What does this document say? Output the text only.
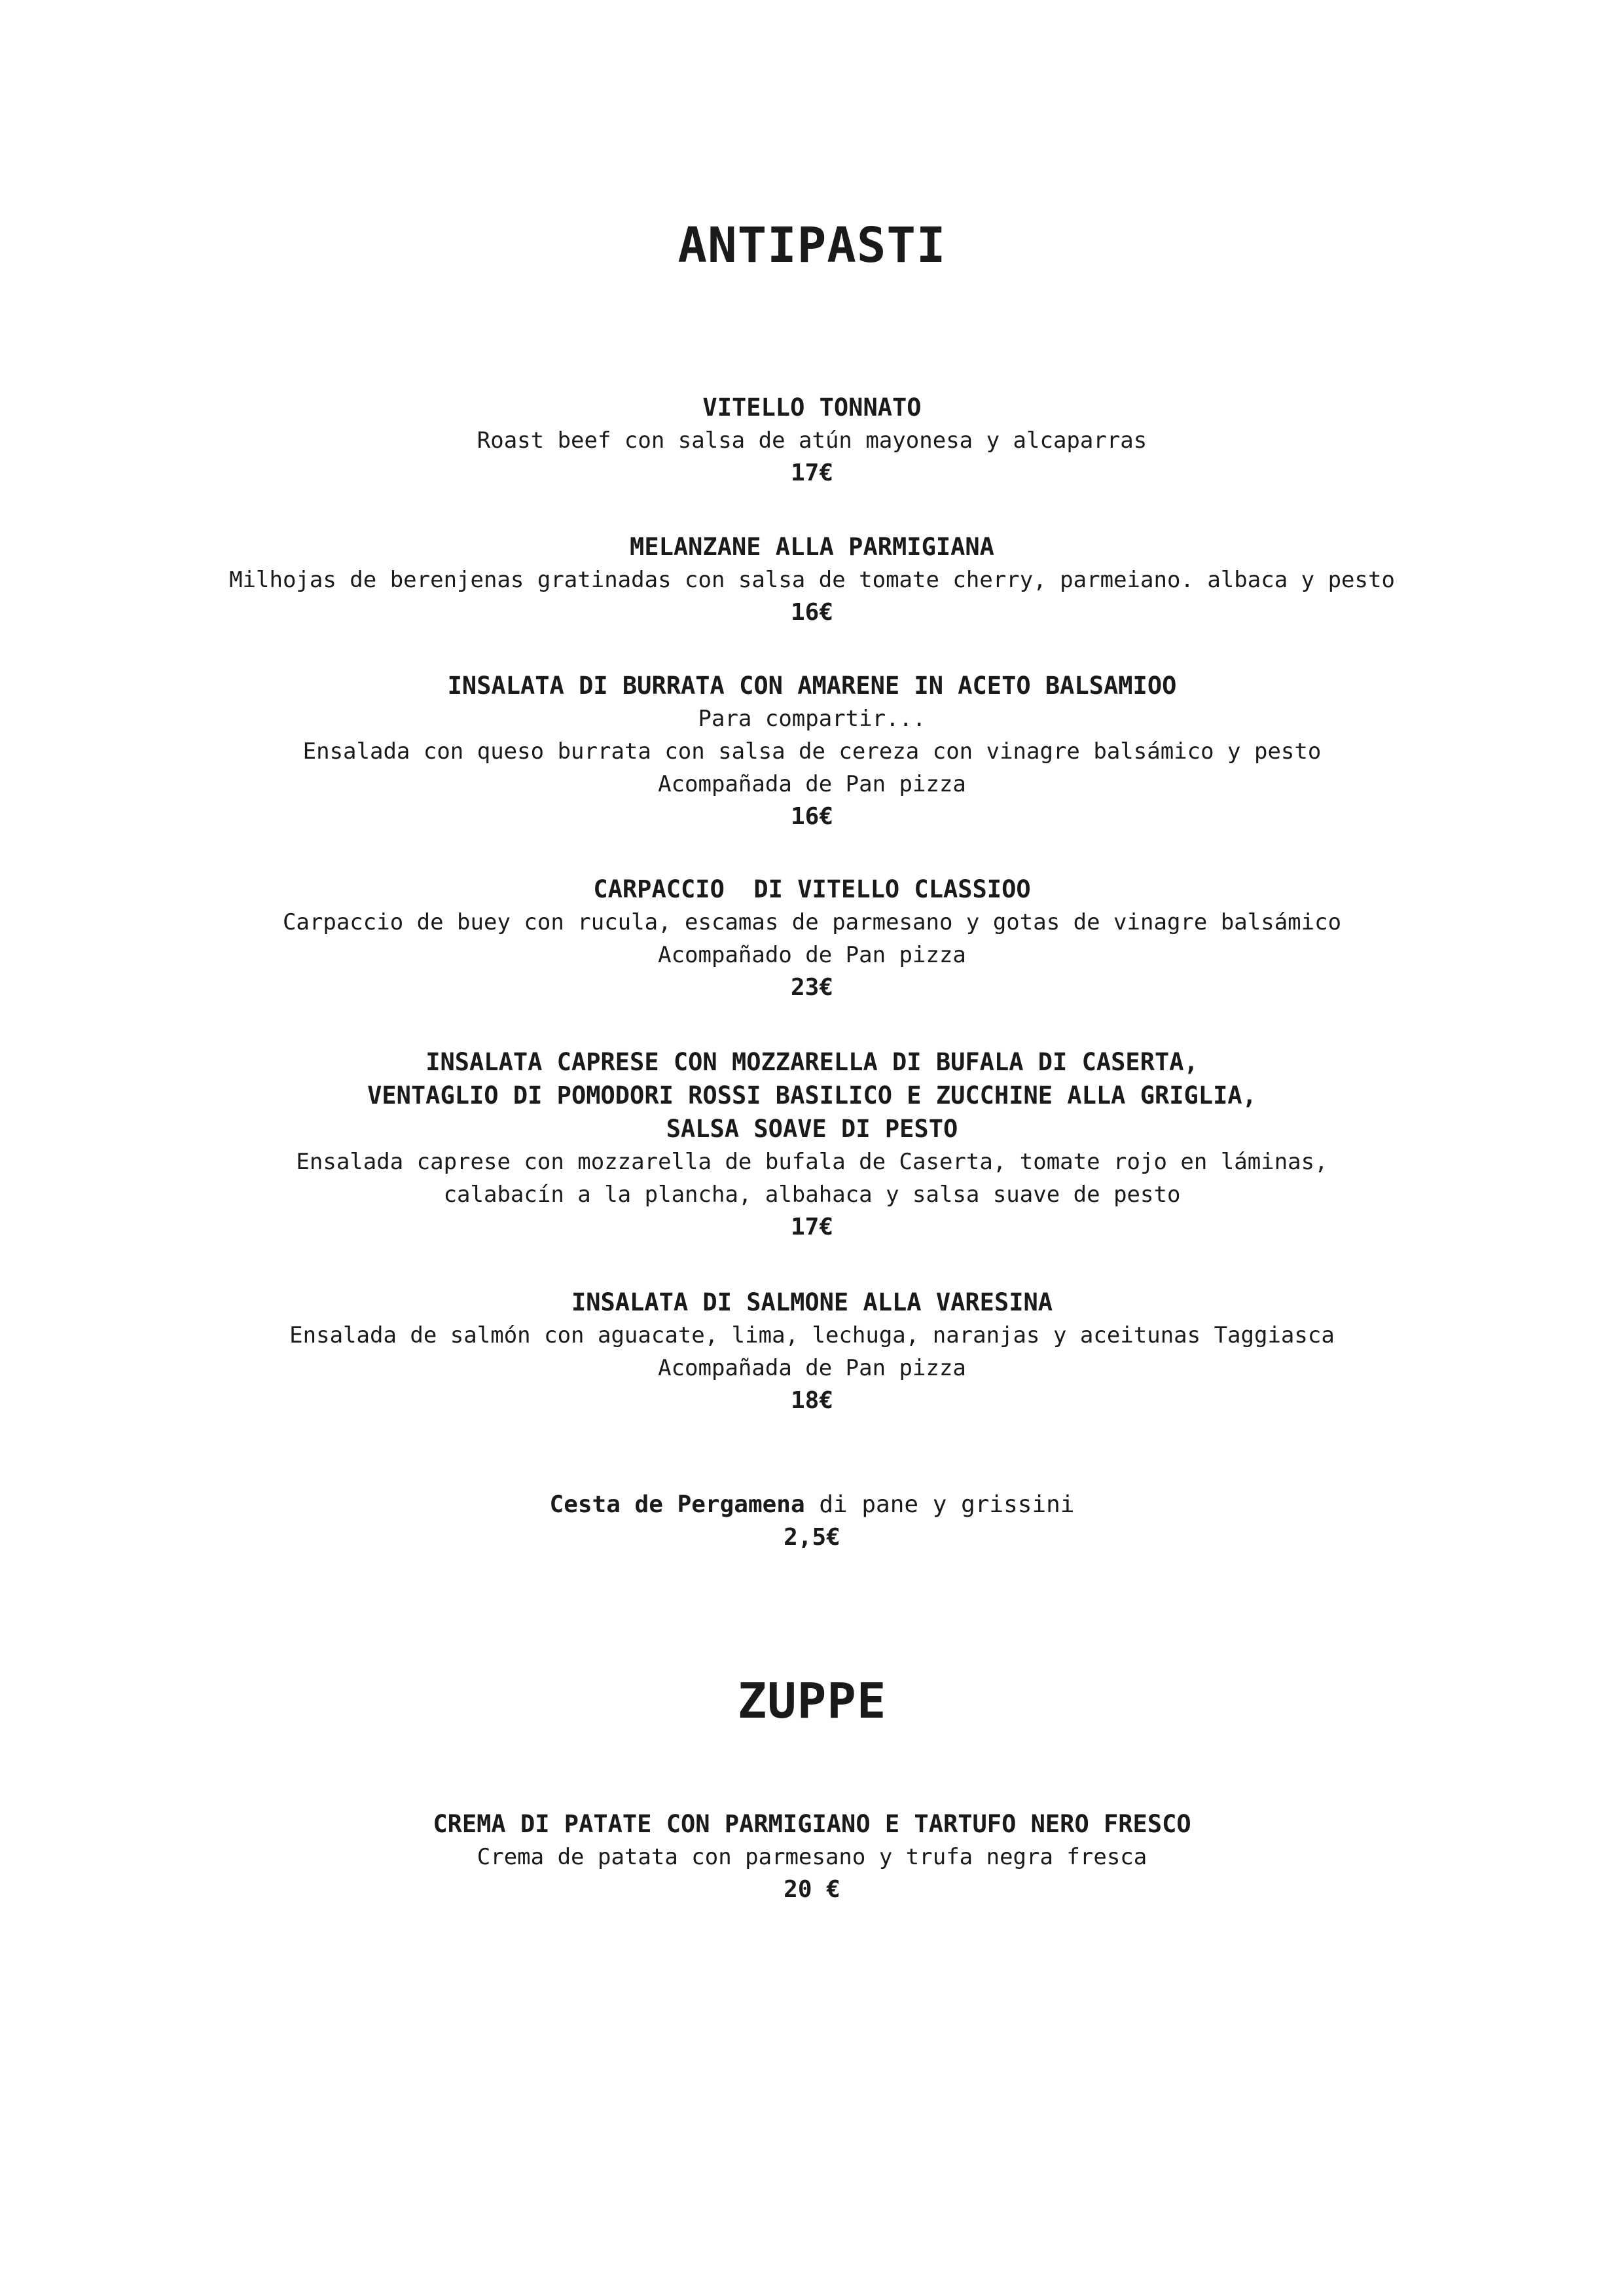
ANTIPASTI
VITELLO TONNATO
Roast beef con salsa de atún mayonesa y alcaparras
17€
MELANZANE ALLA PARMIGIANA
Milhojas de berenjenas gratinadas con salsa de tomate cherry, parmeiano. albaca y pesto
16€
INSALATA DI BURRATA CON AMARENE IN ACETO BALSAMIOO
Para compartir...
Ensalada con queso burrata con salsa de cereza con vinagre balsámico y pesto
Acompañada de Pan pizza
16€
CARPACCIO  DI VITELLO CLASSIOO
Carpaccio de buey con rucula, escamas de parmesano y gotas de vinagre balsámico
Acompañado de Pan pizza
23€
INSALATA CAPRESE CON MOZZARELLA DI BUFALA DI CASERTA,
VENTAGLIO DI POMODORI ROSSI BASILICO E ZUCCHINE ALLA GRIGLIA,
SALSA SOAVE DI PESTO
Ensalada caprese con mozzarella de bufala de Caserta, tomate rojo en láminas,
calabacín a la plancha, albahaca y salsa suave de pesto
17€
INSALATA DI SALMONE ALLA VARESINA
Ensalada de salmón con aguacate, lima, lechuga, naranjas y aceitunas Taggiasca
Acompañada de Pan pizza
18€
Cesta de Pergamena di pane y grissini
2,5€
ZUPPE
CREMA DI PATATE CON PARMIGIANO E TARTUFO NERO FRESCO
Crema de patata con parmesano y trufa negra fresca
20 €
